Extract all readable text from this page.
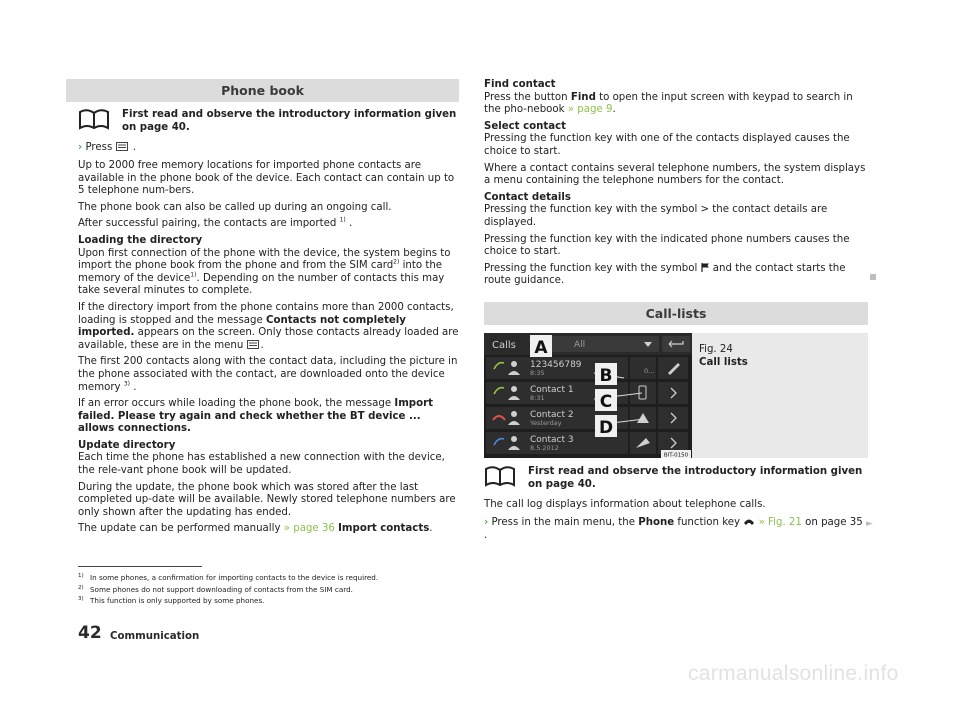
Phone book
First read and observe the introductory information given on page 40.
› Press .

Up to 2000 free memory locations for imported phone contacts are available in the phone book of the device. Each contact can contain up to 5 telephone num-bers.

The phone book can also be called up during an ongoing call.

After successful pairing, the contacts are imported $^{1)}$ .

Loading the directory

Upon first connection of the phone with the device, the system begins to import the phone book from the phone and from the SIM card$^{2)}$ into the memory of the device$^{1)}$. Depending on the number of contacts this may take several minutes to complete.

If the directory import from the phone contains more than 2000 contacts, loading is stopped and the message Contacts not completely imported. appears on the screen. Only those contacts already loaded are available, these are in the menu .

The first 200 contacts along with the contact data, including the picture in the phone associated with the contact, are downloaded onto the device memory $^{3)}$ .

If an error occurs while loading the phone book, the message Import failed. Please try again and check whether the BT device ... allows connections.

Update directory

Each time the phone has established a new connection with the device, the rele-vant phone book will be updated.

During the update, the phone book which was stored after the last completed up-date will be available. Newly stored telephone numbers are only shown after the updating has ended.

The update can be performed manually » page 36 Import contacts.

Find contact

Press the button Find to open the input screen with keypad to search in the pho-nebook » page 9.

Select contact

Pressing the function key with one of the contacts displayed causes the choice to start.

Where a contact contains several telephone numbers, the system displays a menu containing the telephone numbers for the contact.

Contact details

Pressing the function key with the symbol > the contact details are displayed.

Pressing the function key with the indicated phone numbers causes the choice to start.

Pressing the function key with the symbol and the contact starts the route guidance.

Call-lists
Calls	All
123456789
8:35	0...
Contact 1
8:31
Contact 2
Yesterday
Contact 3
8.5.2012
A
B
C
D
BIT-0150
Fig. 24
Call lists
First read and observe the introductory information given on page 40.
The call log displays information about telephone calls.
› Press in the main menu, the Phone function key » Fig. 21 on page 35 .
►
1) In some phones, a confirmation for importing contacts to the device is required.
2) Some phones do not support downloading of contacts from the SIM card.
3) This function is only supported by some phones.
42 Communication
carmanualsonline.info
